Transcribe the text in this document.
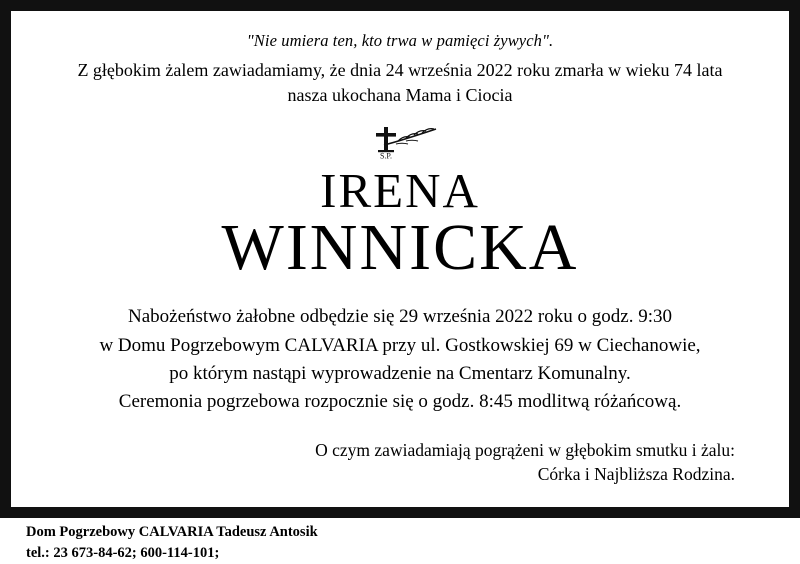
"Nie umiera ten, kto trwa w pamięci żywych".
Z głębokim żalem zawiadamiamy, że dnia 24 września 2022 roku zmarła w wieku 74 lata
nasza ukochana Mama i Ciocia
Ś.P.
IRENA
WINNICKA
Nabożeństwo żałobne odbędzie się 29 września 2022 roku o godz. 9:30
w Domu Pogrzebowym CALVARIA przy ul. Gostkowskiej 69 w Ciechanowie,
po którym nastąpi wyprowadzenie na Cmentarz Komunalny.
Ceremonia pogrzebowa rozpocznie się o godz. 8:45 modlitwą różańcową.
O czym zawiadamiają pogrążeni w głębokim smutku i żalu:
Córka i Najbliższa Rodzina.
Dom Pogrzebowy CALVARIA Tadeusz Antosik
tel.: 23 673-84-62; 600-114-101;
